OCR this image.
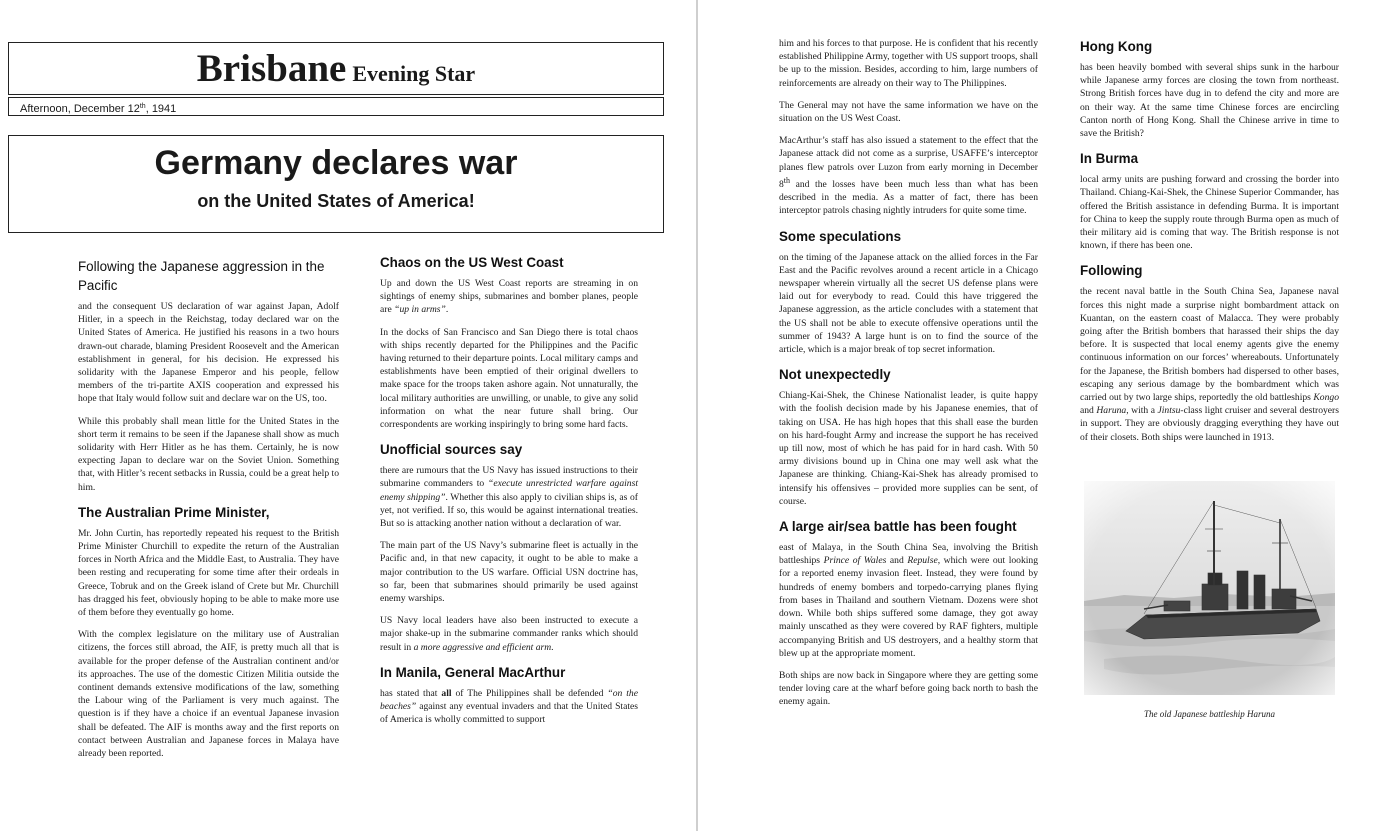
Brisbane Evening Star
Afternoon, December 12th, 1941
Germany declares war
on the United States of America!
Following the Japanese aggression in the Pacific

and the consequent US declaration of war against Japan, Adolf Hitler, in a speech in the Reichstag, today declared war on the United States of America. He justified his reasons in a two hours drawn-out charade, blaming President Roosevelt and the American establishment in general, for his decision. He expressed his solidarity with the Japanese Emperor and his people, fellow members of the tri-partite AXIS cooperation and expressed his hope that Italy would follow suit and declare war on the US, too.

While this probably shall mean little for the United States in the short term it remains to be seen if the Japanese shall show as much solidarity with Herr Hitler as he has them. Certainly, he is now expecting Japan to declare war on the Soviet Union. Something that, with Hitler’s recent setbacks in Russia, could be a great help to him.

The Australian Prime Minister,

Mr. John Curtin, has reportedly repeated his request to the British Prime Minister Churchill to expedite the return of the Australian forces in North Africa and the Middle East, to Australia. They have been resting and recuperating for some time after their ordeals in Greece, Tobruk and on the Greek island of Crete but Mr. Churchill has dragged his feet, obviously hoping to be able to make more use of them before they eventually go home.

With the complex legislature on the military use of Australian citizens, the forces still abroad, the AIF, is pretty much all that is available for the proper defense of the Australian continent and/or its approaches. The use of the domestic Citizen Militia outside the continent demands extensive modifications of the law, something the Labour wing of the Parliament is very much against. The question is if they have a choice if an eventual Japanese invasion shall be defeated. The AIF is months away and the first reports on contact between Australian and Japanese forces in Malaya have already been reported.

Chaos on the US West Coast

Up and down the US West Coast reports are streaming in on sightings of enemy ships, submarines and bomber planes, people are “up in arms”.

In the docks of San Francisco and San Diego there is total chaos with ships recently departed for the Philippines and the Pacific having returned to their departure points. Local military camps and establishments have been emptied of their original dwellers to make space for the troops taken ashore again. Not unnaturally, the local military authorities are unwilling, or unable, to give any solid information on what the near future shall bring. Our correspondents are working inspiringly to bring some hard facts.

Unofficial sources say

there are rumours that the US Navy has issued instructions to their submarine commanders to “execute unrestricted warfare against enemy shipping”. Whether this also apply to civilian ships is, as of yet, not verified. If so, this would be against international treaties. But so is attacking another nation without a declaration of war.

The main part of the US Navy’s submarine fleet is actually in the Pacific and, in that new capacity, it ought to be able to make a major contribution to the US warfare. Official USN doctrine has, so far, been that submarines should primarily be used against enemy warships.

US Navy local leaders have also been instructed to execute a major shake-up in the submarine commander ranks which should result in a more aggressive and efficient arm.

In Manila, General MacArthur

has stated that all of The Philippines shall be defended “on the beaches” against any eventual invaders and that the United States of America is wholly committed to support

him and his forces to that purpose. He is confident that his recently established Philippine Army, together with US support troops, shall be up to the mission. Besides, according to him, large numbers of reinforcements are already on their way to The Philippines.

The General may not have the same information we have on the situation on the US West Coast.

MacArthur’s staff has also issued a statement to the effect that the Japanese attack did not come as a surprise, USAFFE’s interceptor planes flew patrols over Luzon from early morning in December 8th and the losses have been much less than what has been described in the media. As a matter of fact, there has been interceptor patrols chasing nightly intruders for quite some time.

Some speculations

on the timing of the Japanese attack on the allied forces in the Far East and the Pacific revolves around a recent article in a Chicago newspaper wherein virtually all the secret US defense plans were laid out for everybody to read. Could this have triggered the Japanese aggression, as the article concludes with a statement that the US shall not be able to execute offensive operations until the summer of 1943? A large hunt is on to find the source of the article, which is a major break of top secret information.

Not unexpectedly

Chiang-Kai-Shek, the Chinese Nationalist leader, is quite happy with the foolish decision made by his Japanese enemies, that of taking on USA. He has high hopes that this shall ease the burden on his hard-fought Army and increase the support he has received up till now, most of which he has paid for in hard cash. With 50 army divisions bound up in China one may well ask what the Japanese are thinking. Chiang-Kai-Shek has already promised to intensify his offensives – provided more supplies can be sent, of course.

A large air/sea battle has been fought

east of Malaya, in the South China Sea, involving the British battleships Prince of Wales and Repulse, which were out looking for a reported enemy invasion fleet. Instead, they were found by hundreds of enemy bombers and torpedo-carrying planes flying from bases in Thailand and southern Vietnam. Dozens were shot down. While both ships suffered some damage, they got away mainly unscathed as they were covered by RAF fighters, multiple accompanying British and US destroyers, and a healthy storm that blew up at the appropriate moment.

Both ships are now back in Singapore where they are getting some tender loving care at the wharf before going back north to bash the enemy again.

Hong Kong

has been heavily bombed with several ships sunk in the harbour while Japanese army forces are closing the town from northeast. Strong British forces have dug in to defend the city and more are on their way. At the same time Chinese forces are encircling Canton north of Hong Kong. Shall the Chinese arrive in time to save the British?

In Burma

local army units are pushing forward and crossing the border into Thailand. Chiang-Kai-Shek, the Chinese Superior Commander, has offered the British assistance in defending Burma. It is important for China to keep the supply route through Burma open as much of their military aid is coming that way. The British response is not known, if there has been one.

Following

the recent naval battle in the South China Sea, Japanese naval forces this night made a surprise night bombardment attack on Kuantan, on the eastern coast of Malacca. They were probably going after the British bombers that harassed their ships the day before. It is suspected that local enemy agents give the enemy continuous information on our forces’ whereabouts. Unfortunately for the Japanese, the British bombers had dispersed to other bases, escaping any serious damage by the bombardment which was carried out by two large ships, reportedly the old battleships Kongo and Haruna, with a Jintsu-class light cruiser and several destroyers in support. They are obviously dragging everything they have out of their closets. Both ships were launched in 1913.

The old Japanese battleship Haruna
